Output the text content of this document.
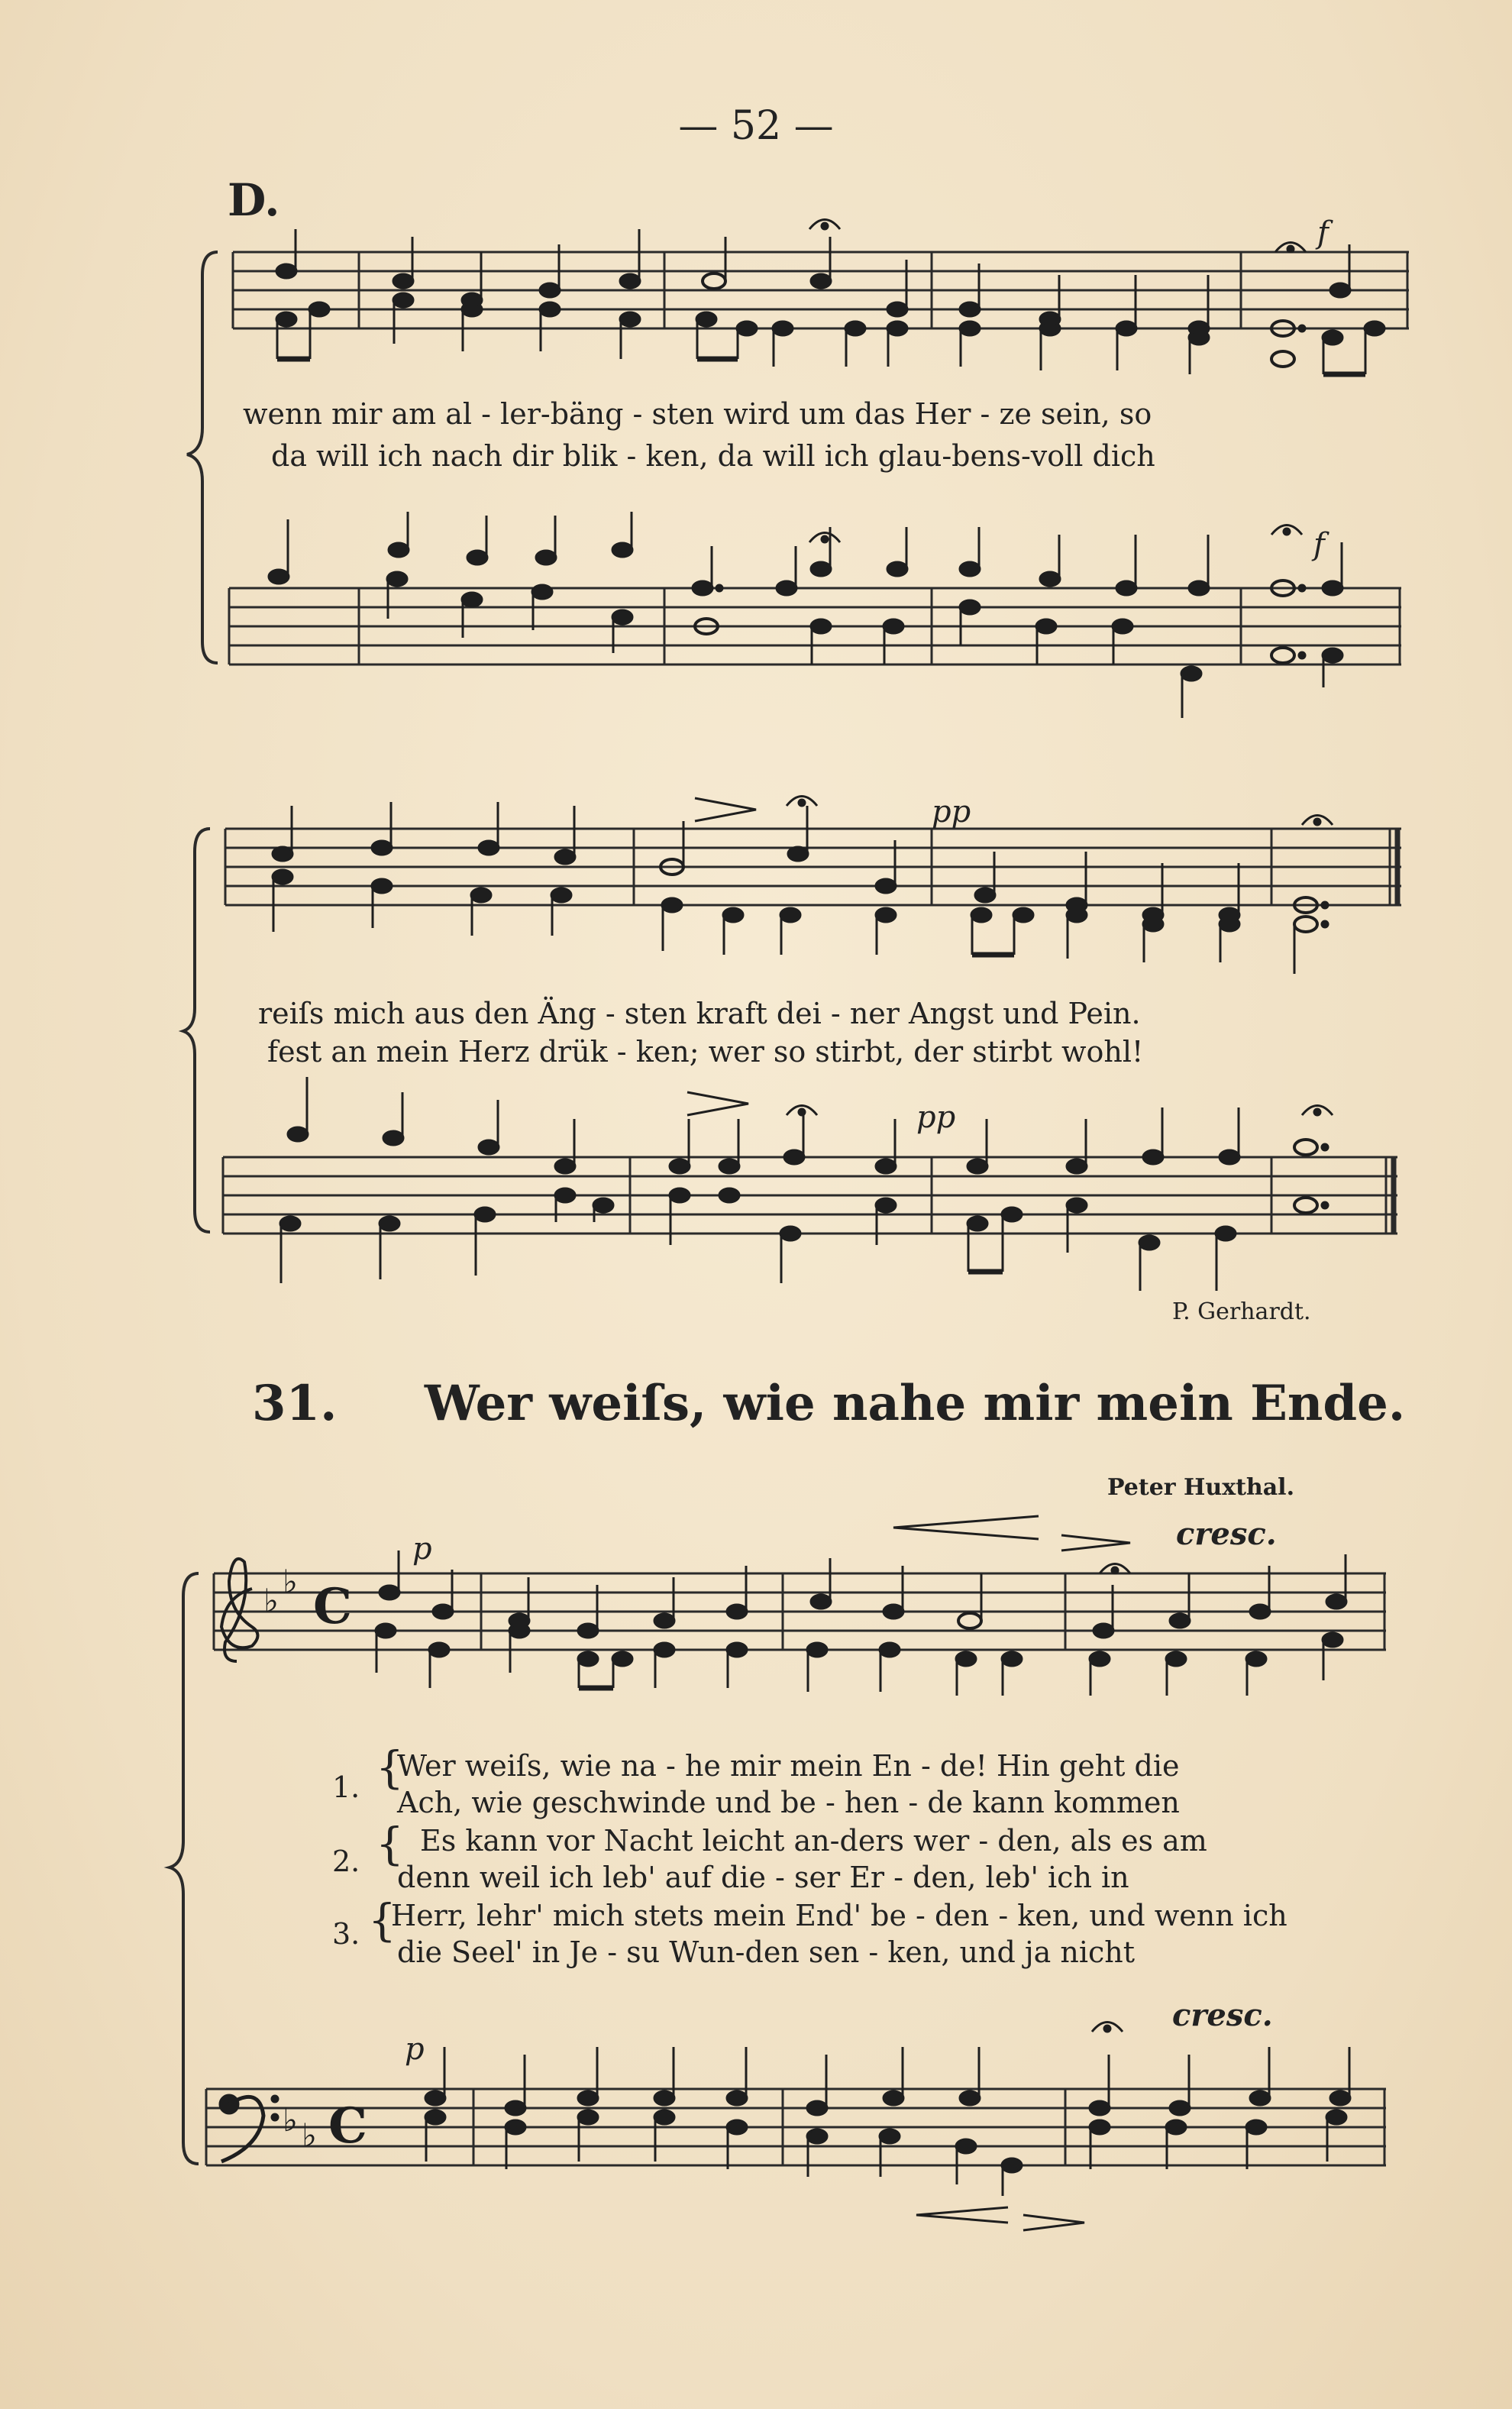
— 52 —
D.
♭
♭ C
♭ ♭ C
f
f
wenn mir am al - ler-bäng - sten wird um das Her - ze sein, so
da will ich nach dir blik - ken, da will ich glau-bens-voll dich
pp
pp
reiſs mich aus den Äng - sten kraft dei - ner Angst und Pein.
fest an mein Herz drük - ken; wer so stirbt, der stirbt wohl!
P. Gerhardt.
31. Wer weiſs, wie nahe mir mein Ende.
Peter Huxthal.
p	cresc.
1. {
Wer weiſs, wie na - he mir mein En - de! Hin geht die
Ach, wie geschwinde und be - hen - de kann kommen
2. { Es kann vor Nacht leicht an-ders wer - den, als es am
denn weil ich leb' auf die - ser Er - den, leb' ich in
3. {
Herr, lehr' mich stets mein End' be - den - ken, und wenn ich
die Seel' in Je - su Wun-den sen - ken, und ja nicht
p
cresc.
